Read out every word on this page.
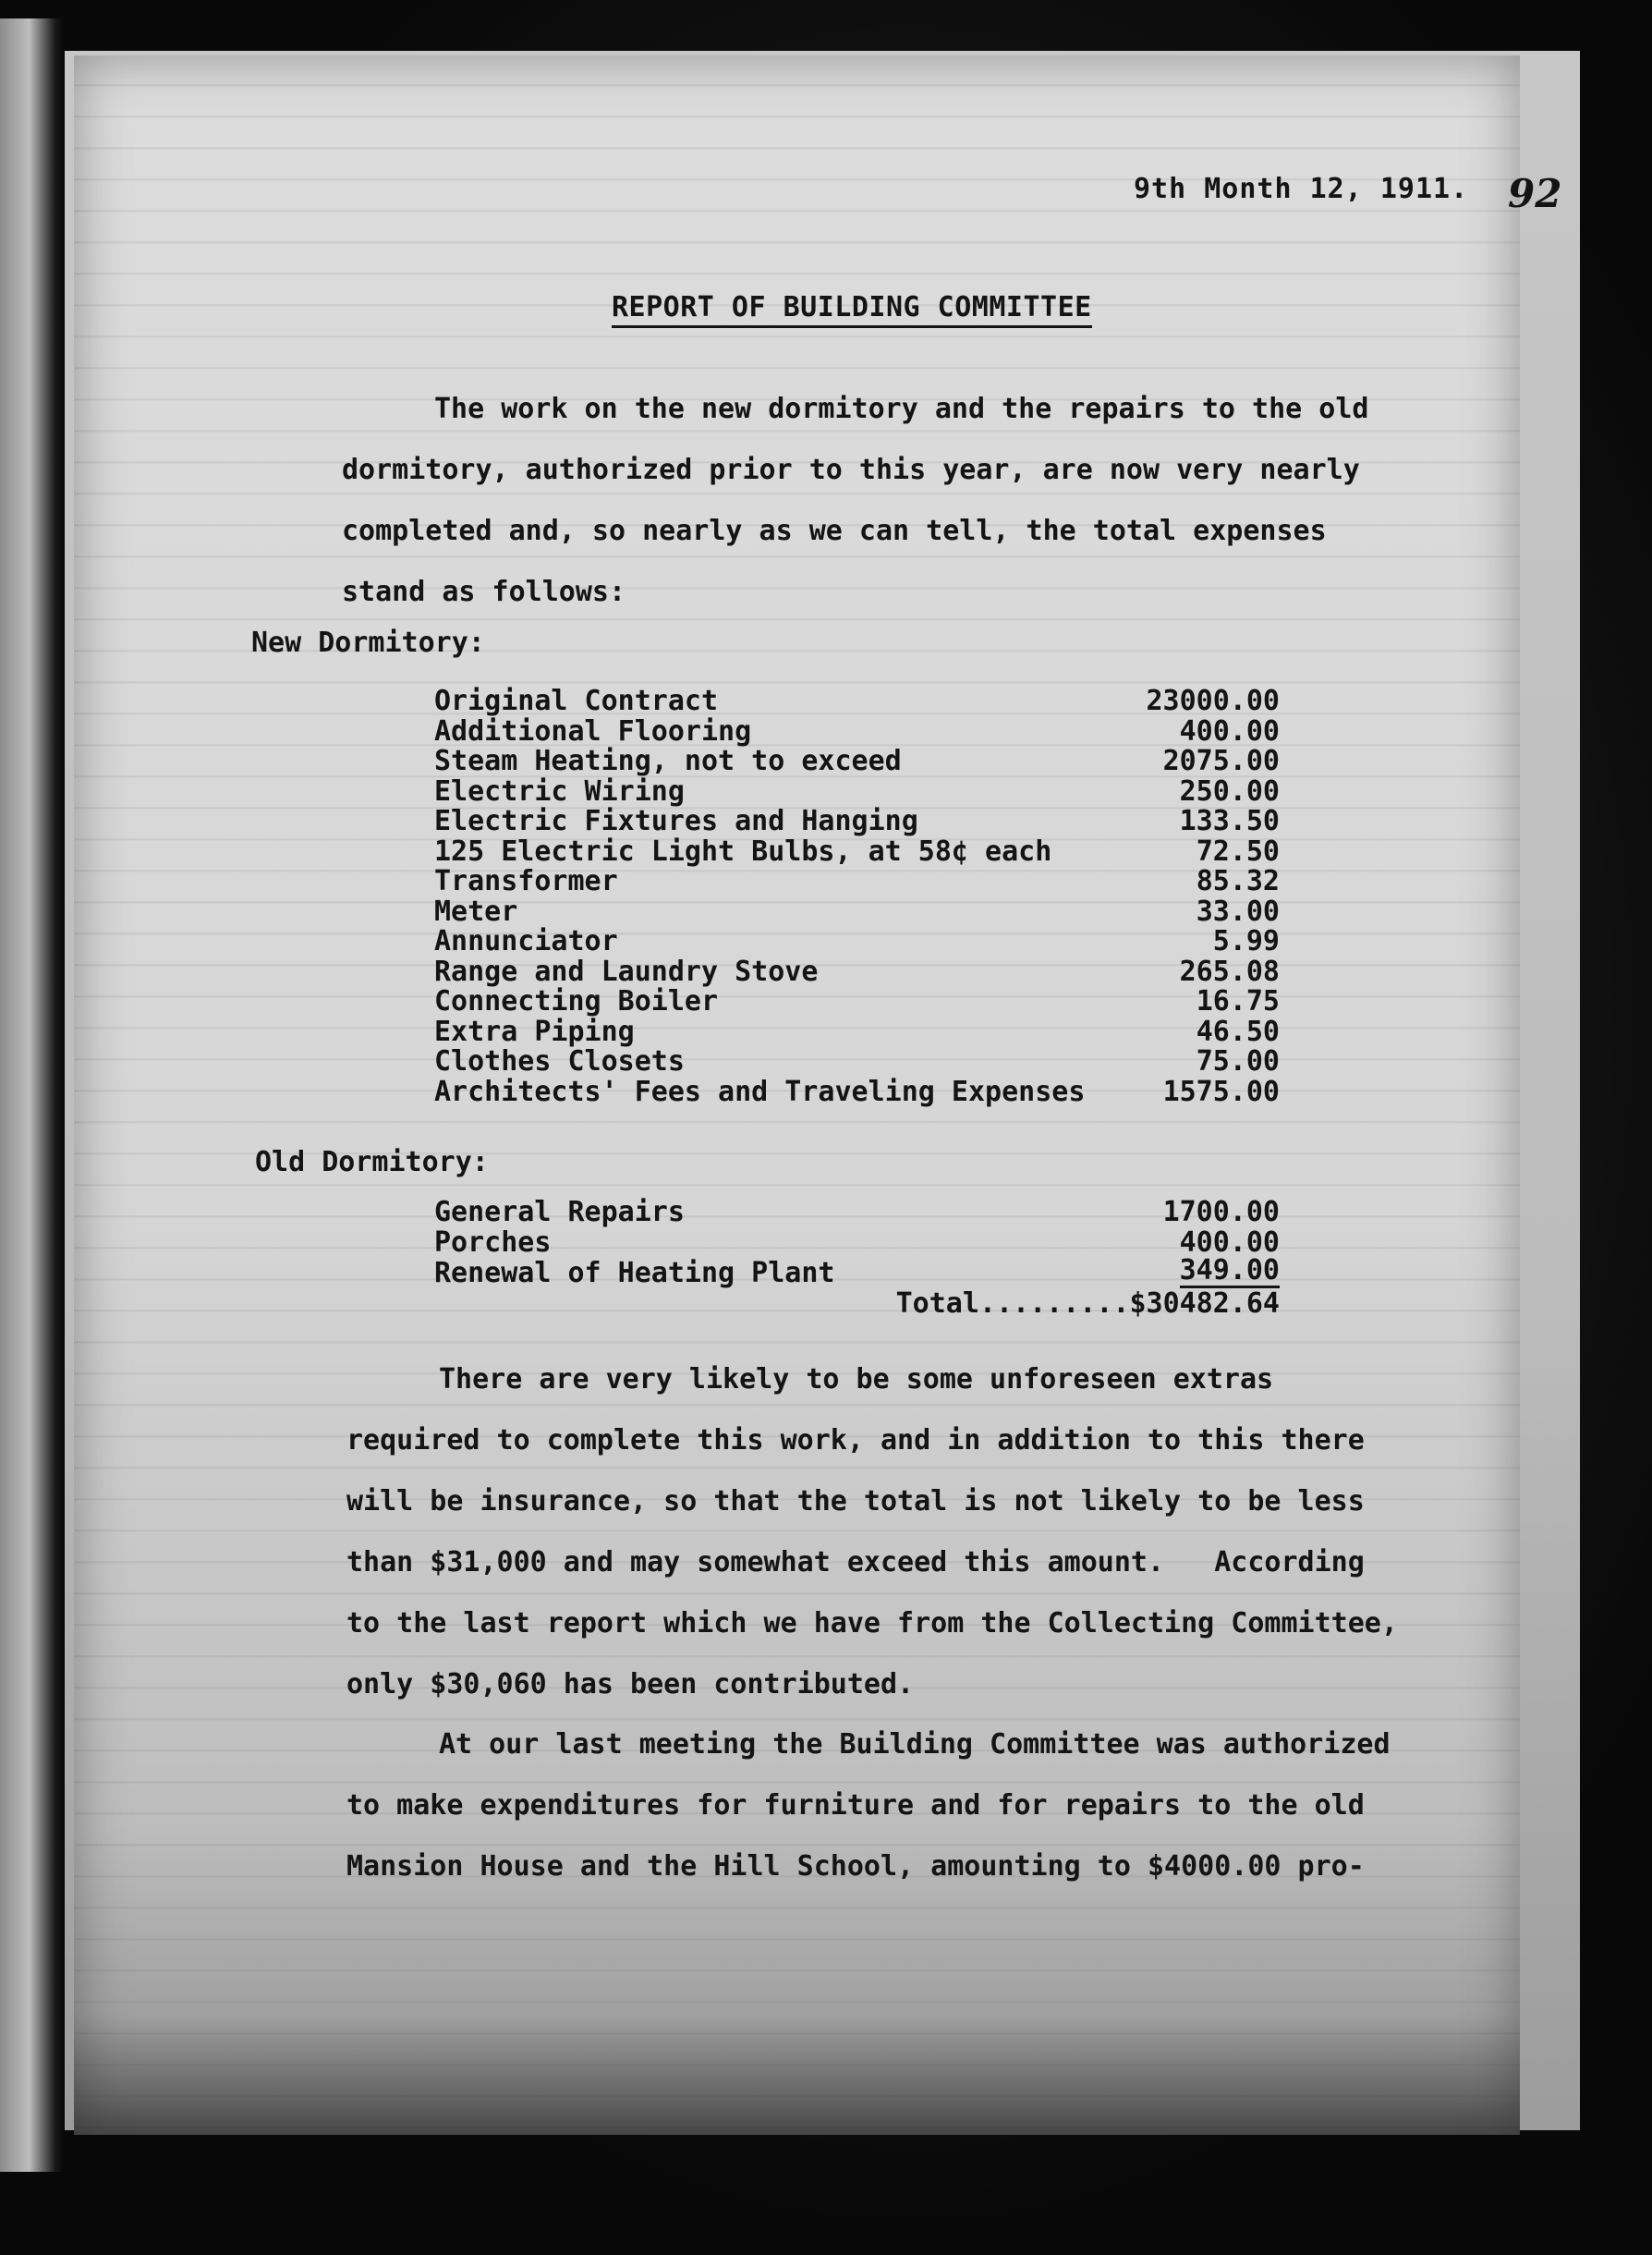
9th Month 12, 1911. 92
REPORT OF BUILDING COMMITTEE
The work on the new dormitory and the repairs to the old
dormitory, authorized prior to this year, are now very nearly
completed and, so nearly as we can tell, the total expenses
stand as follows:
New Dormitory:
Original Contract	23000.00
Additional Flooring	400.00
Steam Heating, not to exceed	2075.00
Electric Wiring	250.00
Electric Fixtures and Hanging	133.50
125 Electric Light Bulbs, at 58¢ each	72.50
Transformer	85.32
Meter	33.00
Annunciator	5.99
Range and Laundry Stove	265.08
Connecting Boiler	16.75
Extra Piping	46.50
Clothes Closets	75.00
Architects' Fees and Traveling Expenses	1575.00
Old Dormitory:
General Repairs	1700.00
Porches	400.00
Renewal of Heating Plant	349.00
Total.........$30482.64
There are very likely to be some unforeseen extras
required to complete this work, and in addition to this there
will be insurance, so that the total is not likely to be less
than $31,000 and may somewhat exceed this amount.   According
to the last report which we have from the Collecting Committee,
only $30,060 has been contributed.
At our last meeting the Building Committee was authorized
to make expenditures for furniture and for repairs to the old
Mansion House and the Hill School, amounting to $4000.00 pro-
